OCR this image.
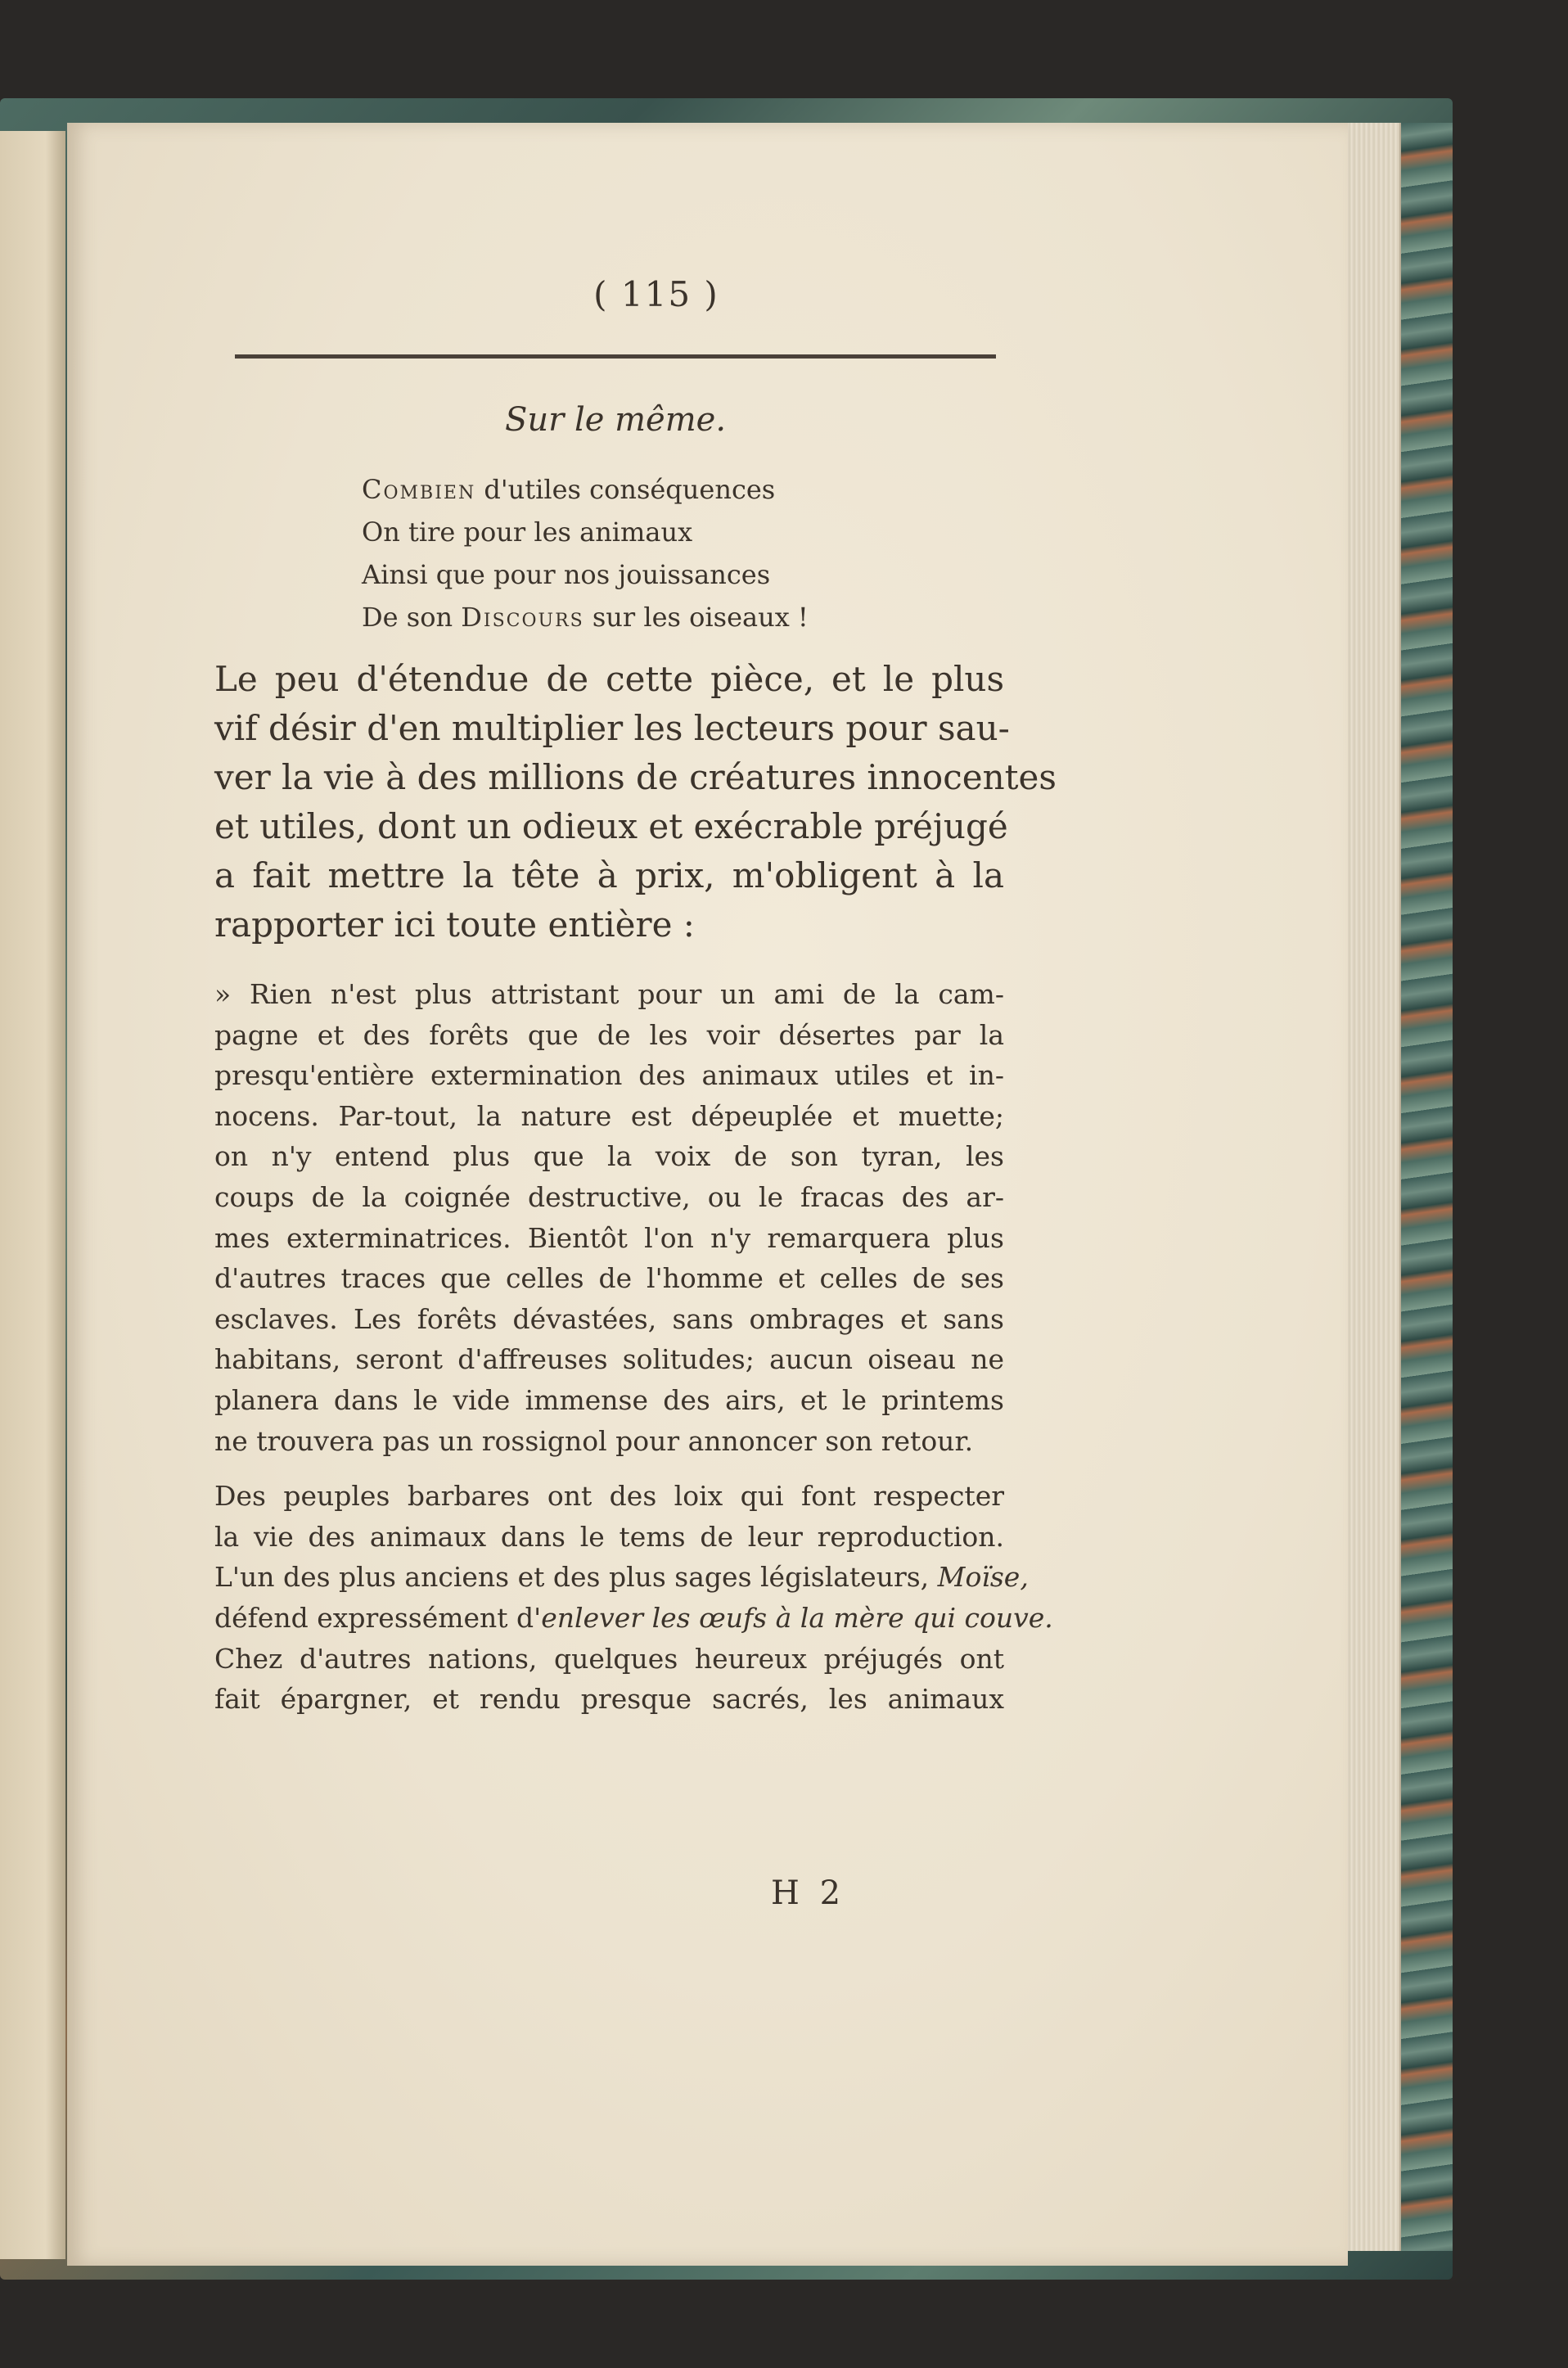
( 115 )
Sur le même.
Combien d'utiles conséquences
On tire pour les animaux
Ainsi que pour nos jouissances
De son Discours sur les oiseaux !
Le peu d'étendue de cette pièce, et le plus
vif désir d'en multiplier les lecteurs pour sau-
ver la vie à des millions de créatures innocentes
et utiles, dont un odieux et exécrable préjugé
a fait mettre la tête à prix, m'obligent à la
rapporter ici toute entière :
» Rien n'est plus attristant pour un ami de la cam-
pagne et des forêts que de les voir désertes par la
presqu'entière extermination des animaux utiles et in-
nocens. Par-tout, la nature est dépeuplée et muette;
on n'y entend plus que la voix de son tyran, les
coups de la coignée destructive, ou le fracas des ar-
mes exterminatrices. Bientôt l'on n'y remarquera plus
d'autres traces que celles de l'homme et celles de ses
esclaves. Les forêts dévastées, sans ombrages et sans
habitans, seront d'affreuses solitudes; aucun oiseau ne
planera dans le vide immense des airs, et le printems
ne trouvera pas un rossignol pour annoncer son retour.
Des peuples barbares ont des loix qui font respecter
la vie des animaux dans le tems de leur reproduction.
L'un des plus anciens et des plus sages législateurs, Moïse,
défend expressément d'enlever les œufs à la mère qui couve.
Chez d'autres nations, quelques heureux préjugés ont
fait épargner, et rendu presque sacrés, les animaux
H 2
